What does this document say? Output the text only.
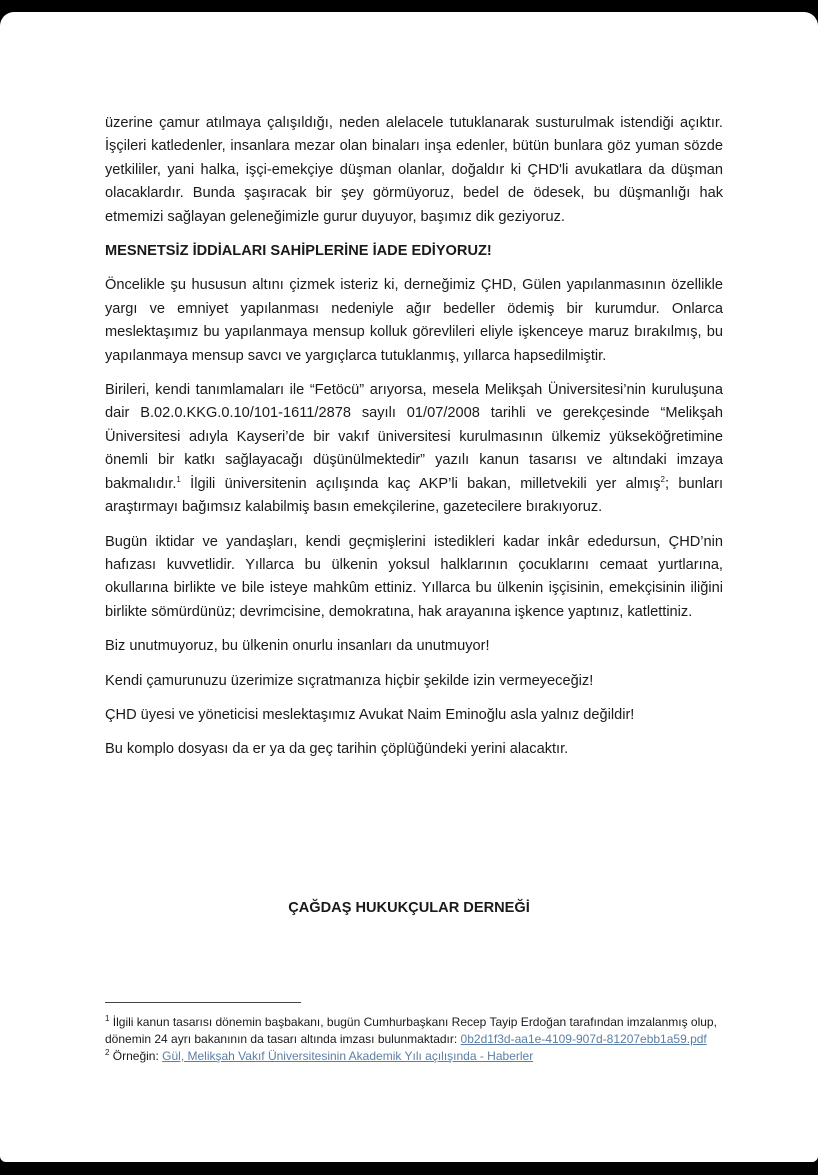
üzerine çamur atılmaya çalışıldığı, neden alelacele tutuklanarak susturulmak istendiği açıktır. İşçileri katledenler, insanlara mezar olan binaları inşa edenler, bütün bunlara göz yuman sözde yetkililer, yani halka, işçi-emekçiye düşman olanlar, doğaldır ki ÇHD'li avukatlara da düşman olacaklardır. Bunda şaşıracak bir şey görmüyoruz, bedel de ödesek, bu düşmanlığı hak etmemizi sağlayan geleneğimizle gurur duyuyor, başımız dik geziyoruz.

MESNETSİZ İDDİALARI SAHİPLERİNE İADE EDİYORUZ!

Öncelikle şu hususun altını çizmek isteriz ki, derneğimiz ÇHD, Gülen yapılanmasının özellikle yargı ve emniyet yapılanması nedeniyle ağır bedeller ödemiş bir kurumdur. Onlarca meslektaşımız bu yapılanmaya mensup kolluk görevlileri eliyle işkenceye maruz bırakılmış, bu yapılanmaya mensup savcı ve yargıçlarca tutuklanmış, yıllarca hapsedilmiştir.

Birileri, kendi tanımlamaları ile “Fetöcü” arıyorsa, mesela Melikşah Üniversitesi’nin kuruluşuna dair B.02.0.KKG.0.10/101-1611/2878 sayılı 01/07/2008 tarihli ve gerekçesinde “Melikşah Üniversitesi adıyla Kayseri’de bir vakıf üniversitesi kurulmasının ülkemiz yükseköğretimine önemli bir katkı sağlayacağı düşünülmektedir” yazılı kanun tasarısı ve altındaki imzaya bakmalıdır.$^1$ İlgili üniversitenin açılışında kaç AKP’li bakan, milletvekili yer almış$^2$; bunları araştırmayı bağımsız kalabilmiş basın emekçilerine, gazetecilere bırakıyoruz.

Bugün iktidar ve yandaşları, kendi geçmişlerini istedikleri kadar inkâr ededursun, ÇHD’nin hafızası kuvvetlidir. Yıllarca bu ülkenin yoksul halklarının çocuklarını cemaat yurtlarına, okullarına birlikte ve bile isteye mahkûm ettiniz. Yıllarca bu ülkenin işçisinin, emekçisinin iliğini birlikte sömürdünüz; devrimcisine, demokratına, hak arayanına işkence yaptınız, katlettiniz.

Biz unutmuyoruz, bu ülkenin onurlu insanları da unutmuyor!

Kendi çamurunuzu üzerimize sıçratmanıza hiçbir şekilde izin vermeyeceğiz!

ÇHD üyesi ve yöneticisi meslektaşımız Avukat Naim Eminoğlu asla yalnız değildir!

Bu komplo dosyası da er ya da geç tarihin çöplüğündeki yerini alacaktır.

ÇAĞDAŞ HUKUKÇULAR DERNEĞİ

$^1$ İlgili kanun tasarısı dönemin başbakanı, bugün Cumhurbaşkanı Recep Tayip Erdoğan tarafından imzalanmış olup, dönemin 24 ayrı bakanının da tasarı altında imzası bulunmaktadır: 0b2d1f3d-aa1e-4109-907d-81207ebb1a59.pdf

$^2$ Örneğin: Gül, Melikşah Vakıf Üniversitesinin Akademik Yılı açılışında - Haberler
